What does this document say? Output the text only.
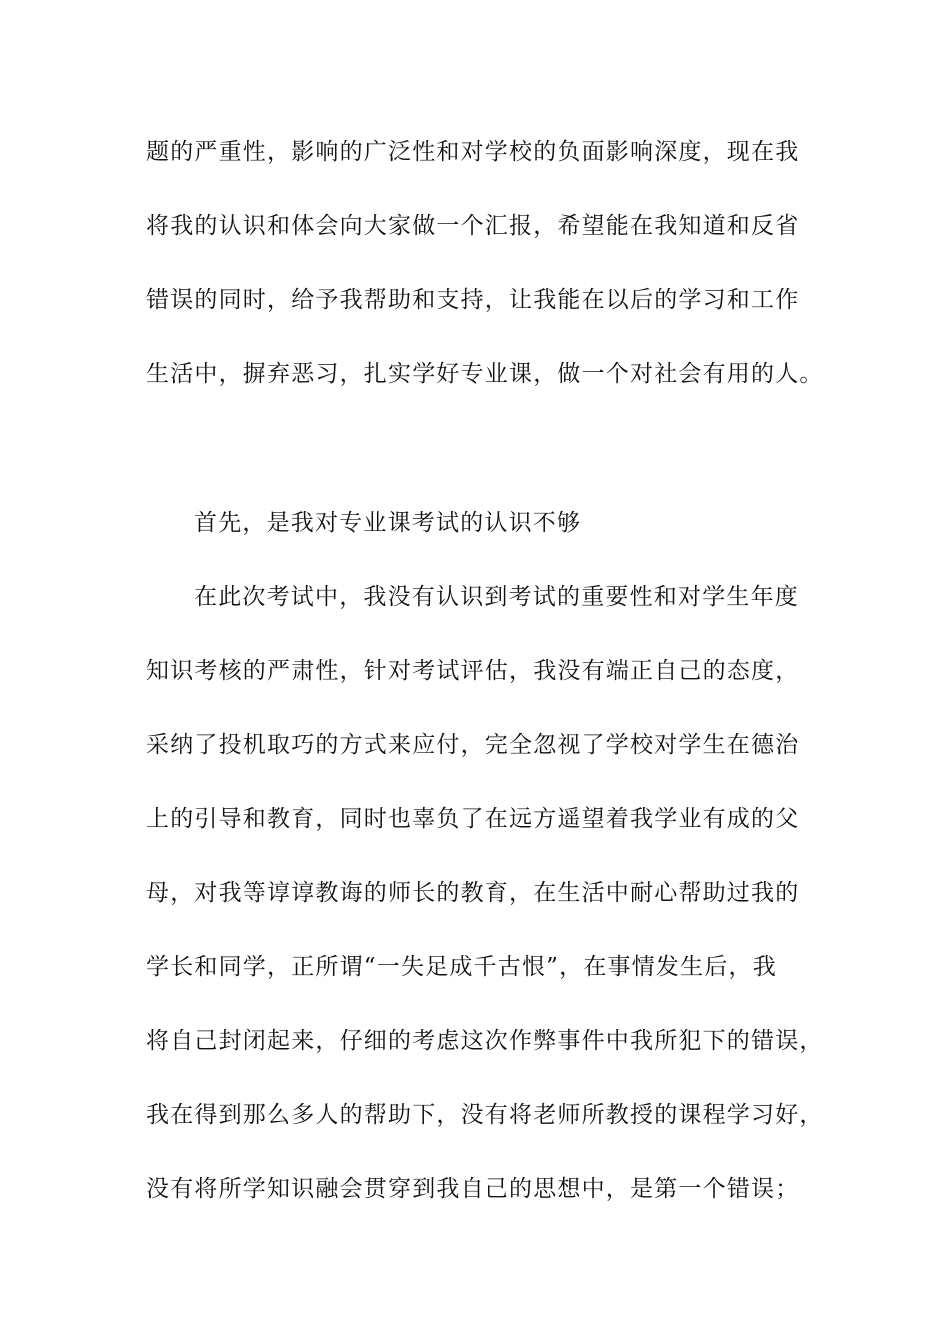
题的严重性，影响的广泛性和对学校的负面影响深度，现在我
将我的认识和体会向大家做一个汇报，希望能在我知道和反省
错误的同时，给予我帮助和支持，让我能在以后的学习和工作
生活中，摒弃恶习，扎实学好专业课，做一个对社会有用的人。
首先，是我对专业课考试的认识不够
在此次考试中，我没有认识到考试的重要性和对学生年度
知识考核的严肃性，针对考试评估，我没有端正自己的态度，
采纳了投机取巧的方式来应付，完全忽视了学校对学生在德治
上的引导和教育，同时也辜负了在远方遥望着我学业有成的父
母，对我等谆谆教诲的师长的教育，在生活中耐心帮助过我的
学长和同学，正所谓“一失足成千古恨”，在事情发生后，我
将自己封闭起来，仔细的考虑这次作弊事件中我所犯下的错误，
我在得到那么多人的帮助下，没有将老师所教授的课程学习好，
没有将所学知识融会贯穿到我自己的思想中，是第一个错误；
